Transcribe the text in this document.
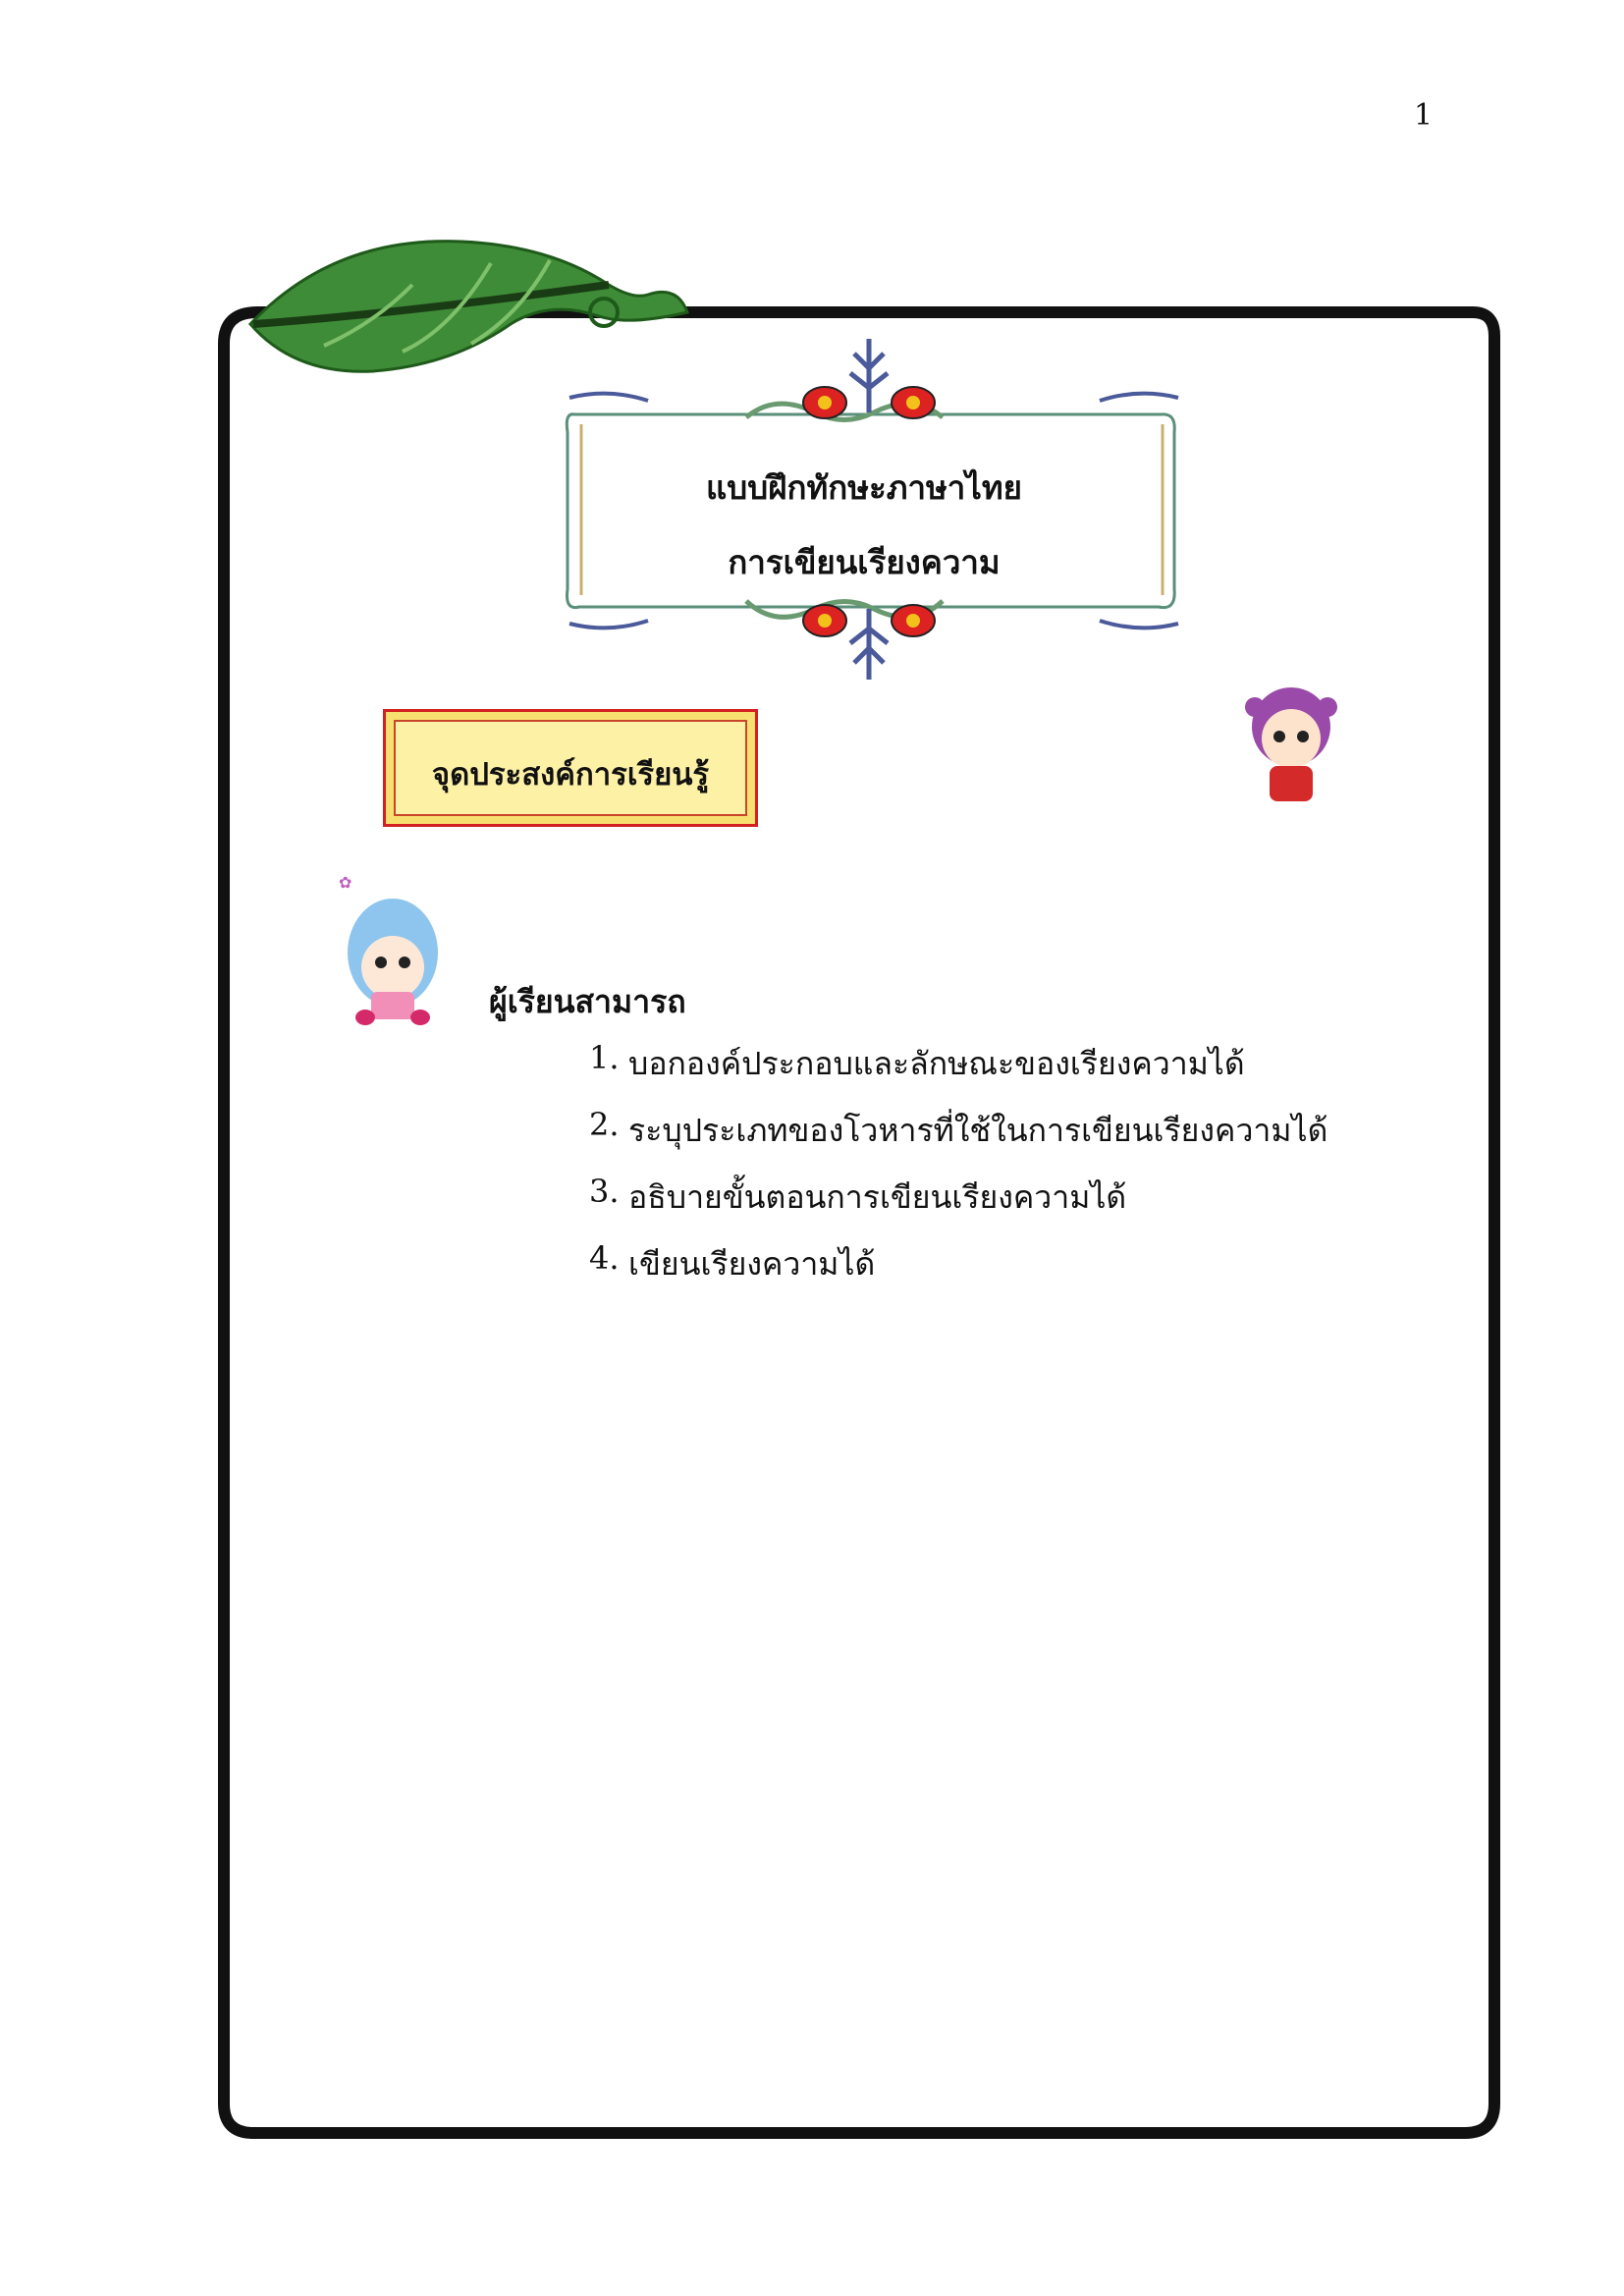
✿
1
แบบฝึกทักษะภาษาไทย
การเขียนเรียงความ
จุดประสงค์การเรียนรู้
ผู้เรียนสามารถ
1. บอกองค์ประกอบและลักษณะของเรียงความได้
2. ระบุประเภทของโวหารที่ใช้ในการเขียนเรียงความได้
3. อธิบายขั้นตอนการเขียนเรียงความได้
4. เขียนเรียงความได้
